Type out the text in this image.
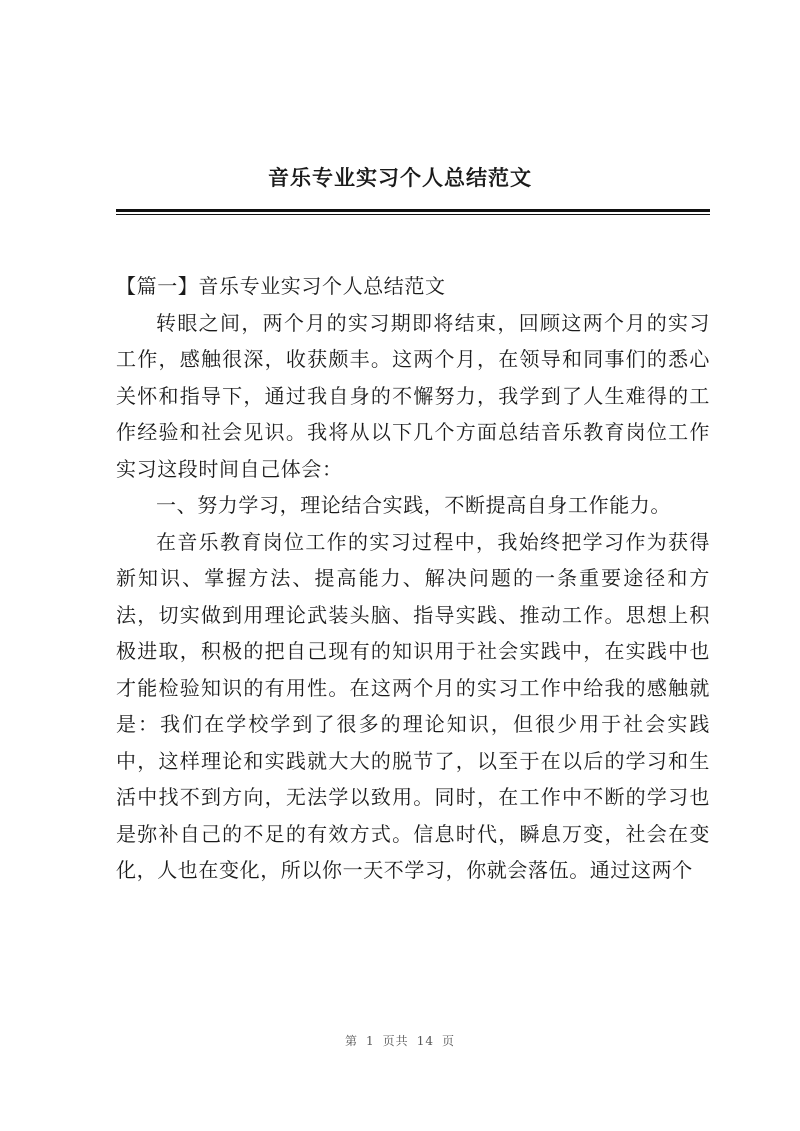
音乐专业实习个人总结范文

【篇一】音乐专业实习个人总结范文

转眼之间，两个月的实习期即将结束，回顾这两个月的实习工作，感触很深，收获颇丰。这两个月，在领导和同事们的悉心关怀和指导下，通过我自身的不懈努力，我学到了人生难得的工作经验和社会见识。我将从以下几个方面总结音乐教育岗位工作实习这段时间自己体会：

一、努力学习，理论结合实践，不断提高自身工作能力。

在音乐教育岗位工作的实习过程中，我始终把学习作为获得新知识、掌握方法、提高能力、解决问题的一条重要途径和方法，切实做到用理论武装头脑、指导实践、推动工作。思想上积极进取，积极的把自己现有的知识用于社会实践中，在实践中也才能检验知识的有用性。在这两个月的实习工作中给我的感触就是：我们在学校学到了很多的理论知识，但很少用于社会实践中，这样理论和实践就大大的脱节了，以至于在以后的学习和生活中找不到方向，无法学以致用。同时，在工作中不断的学习也是弥补自己的不足的有效方式。信息时代，瞬息万变，社会在变化，人也在变化，所以你一天不学习，你就会落伍。通过这两个

第 1 页共 14 页
